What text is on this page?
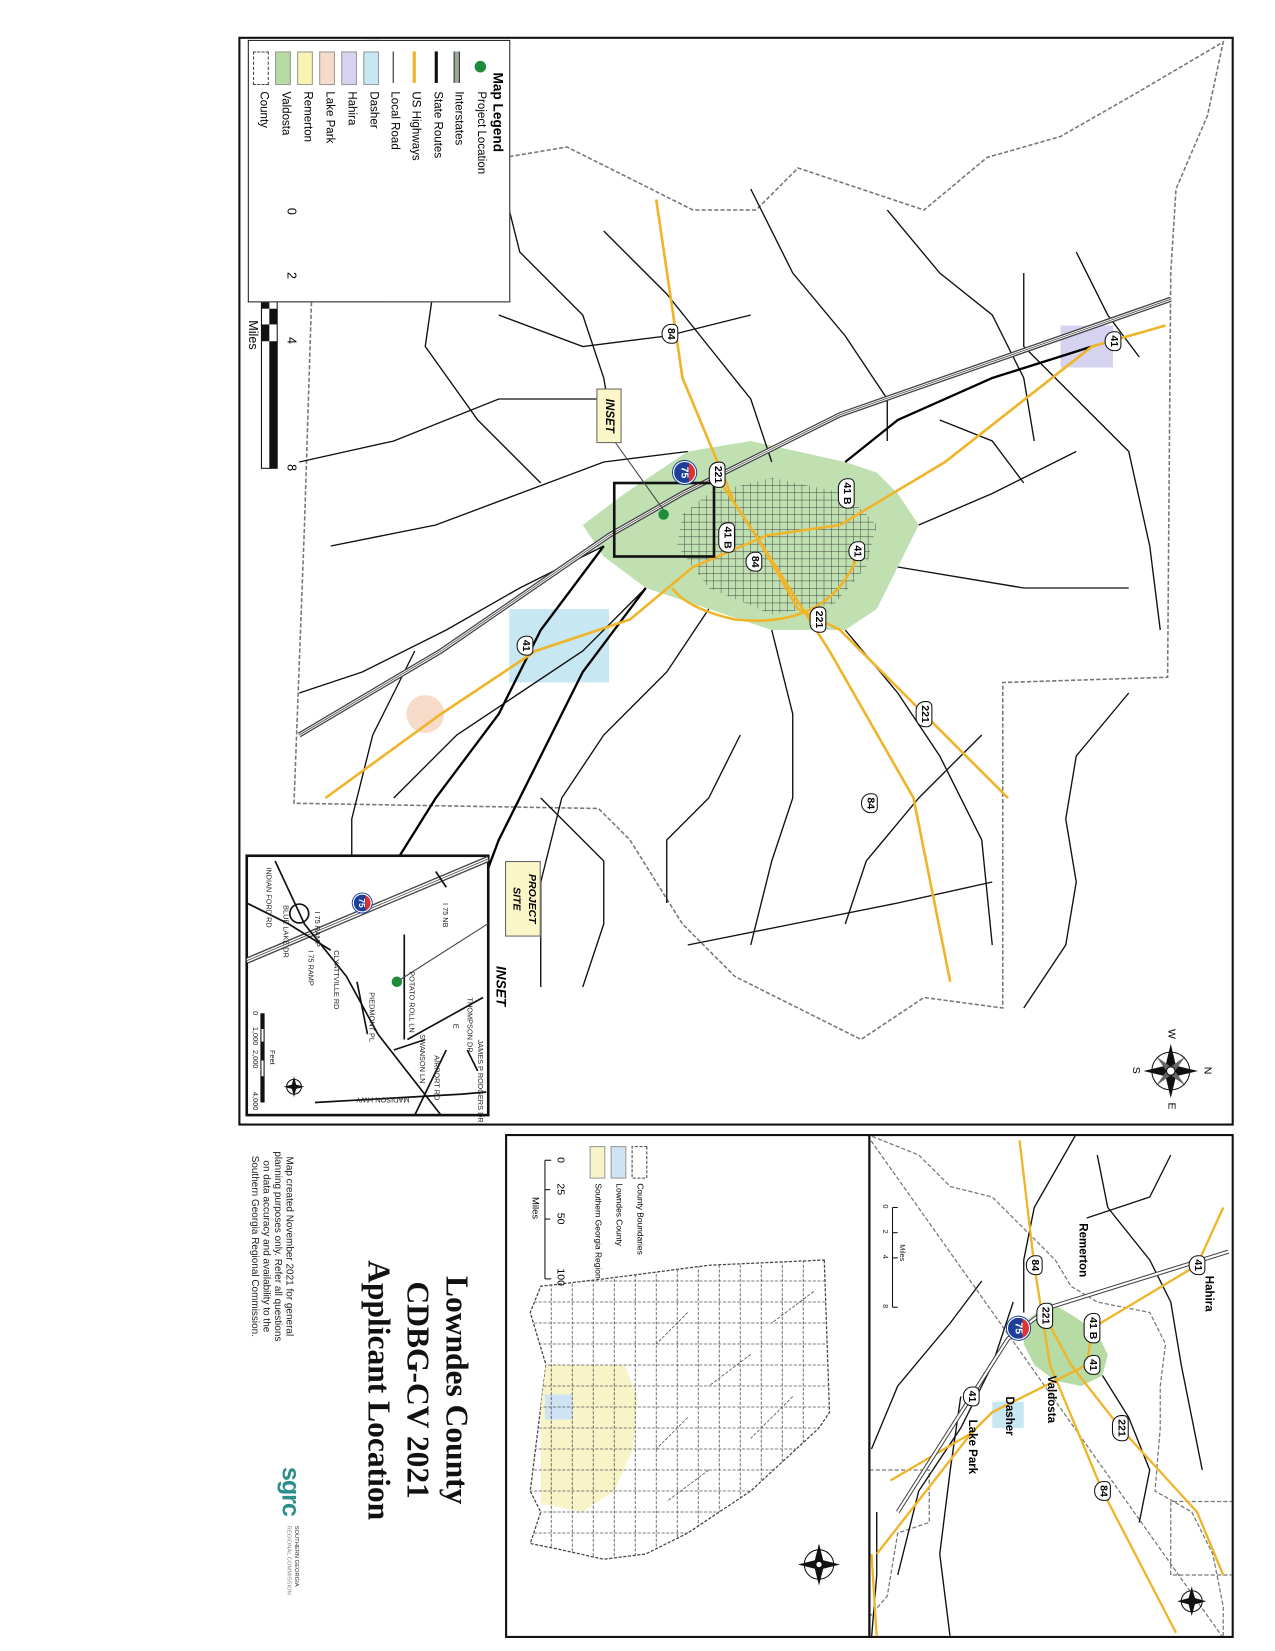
Map Legend
Project Location
Interstates
State Routes
US Highways
Local Road
Dasher
Hahira
Lake Park
Remerton
Valdosta
County
0
2
4
8
Miles	84
221
75
41 B
41 B
84
41
221
41
221
84
41
INSET
N
E
S
W
INSET
PROJECT SITE
INDIAN FORD RD
BLUE LAKE DR	I 75 RAMP	I 75 NB
I 75 RAMP	CLYATTVILLE RD
PIEDMONT PL	POTATO ROLL LN	THOMPSON DR
E
SWANSON LN AIRPORT RD	JAMES P RODGERS DR
MADISON HWY
75
0
1,000
2,000
4,000
Feet
Hahira
Remerton
Valdosta
Dasher
Lake Park
41
84
221
75	41 B
41
41
221
84
0
2
4
8
Miles
County Boundaries
Lowndes County
Southern Georgia Region
0
25
50
100
Miles
Lowndes County
CDBG-CV 2021
Applicant Location
Map created November 2021 for general planning purposes only. Refer all questions on data accuracy and availability to the Southern Georgia Regional Commission.
sgrc
SOUTHERN GEORGIA
REGIONAL COMMISSION
